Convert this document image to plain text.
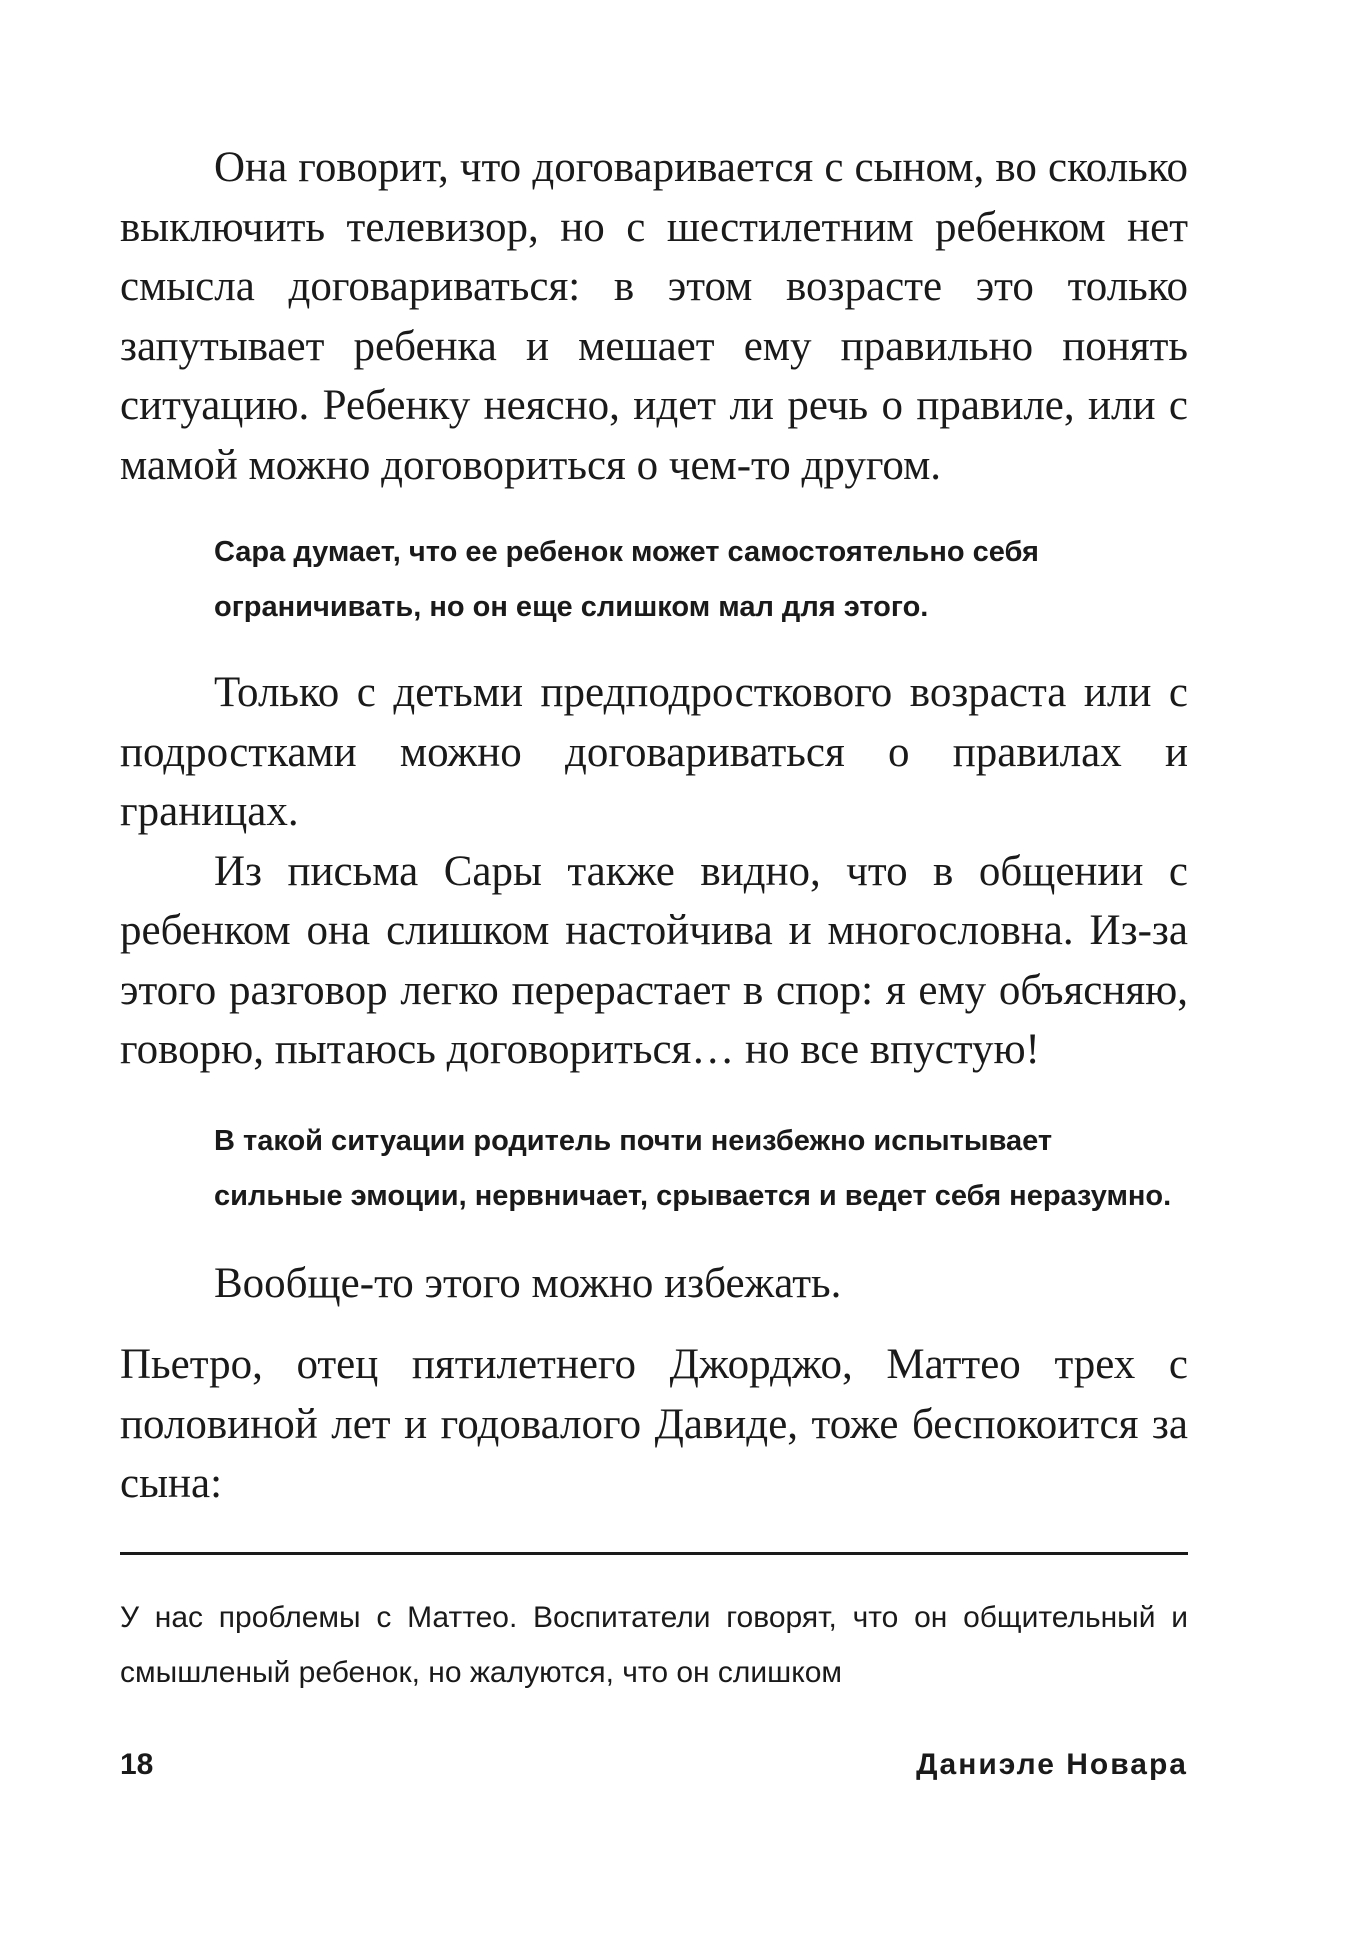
Она говорит, что договаривается с сыном, во сколько выключить телевизор, но с шестилетним ребенком нет смысла договариваться: в этом возрасте это только запутывает ребенка и мешает ему правильно понять ситуацию. Ребенку неясно, идет ли речь о правиле, или с мамой можно договориться о чем-то другом.

Сара думает, что ее ребенок может самостоятельно себя ограничивать, но он еще слишком мал для этого.

Только с детьми предподросткового возраста или с подростками можно договариваться о правилах и границах.

Из письма Сары также видно, что в общении с ребенком она слишком настойчива и многословна. Из-за этого разговор легко перерастает в спор: я ему объясняю, говорю, пытаюсь договориться… но все впустую!

В такой ситуации родитель почти неизбежно испытывает сильные эмоции, нервничает, срывается и ведет себя неразумно.

Вообще-то этого можно избежать.

Пьетро, отец пятилетнего Джорджо, Маттео трех с половиной лет и годовалого Давиде, тоже беспокоится за сына:

У нас проблемы с Маттео. Воспитатели говорят, что он общительный и смышленый ребенок, но жалуются, что он слишком

18	Даниэле Новара
